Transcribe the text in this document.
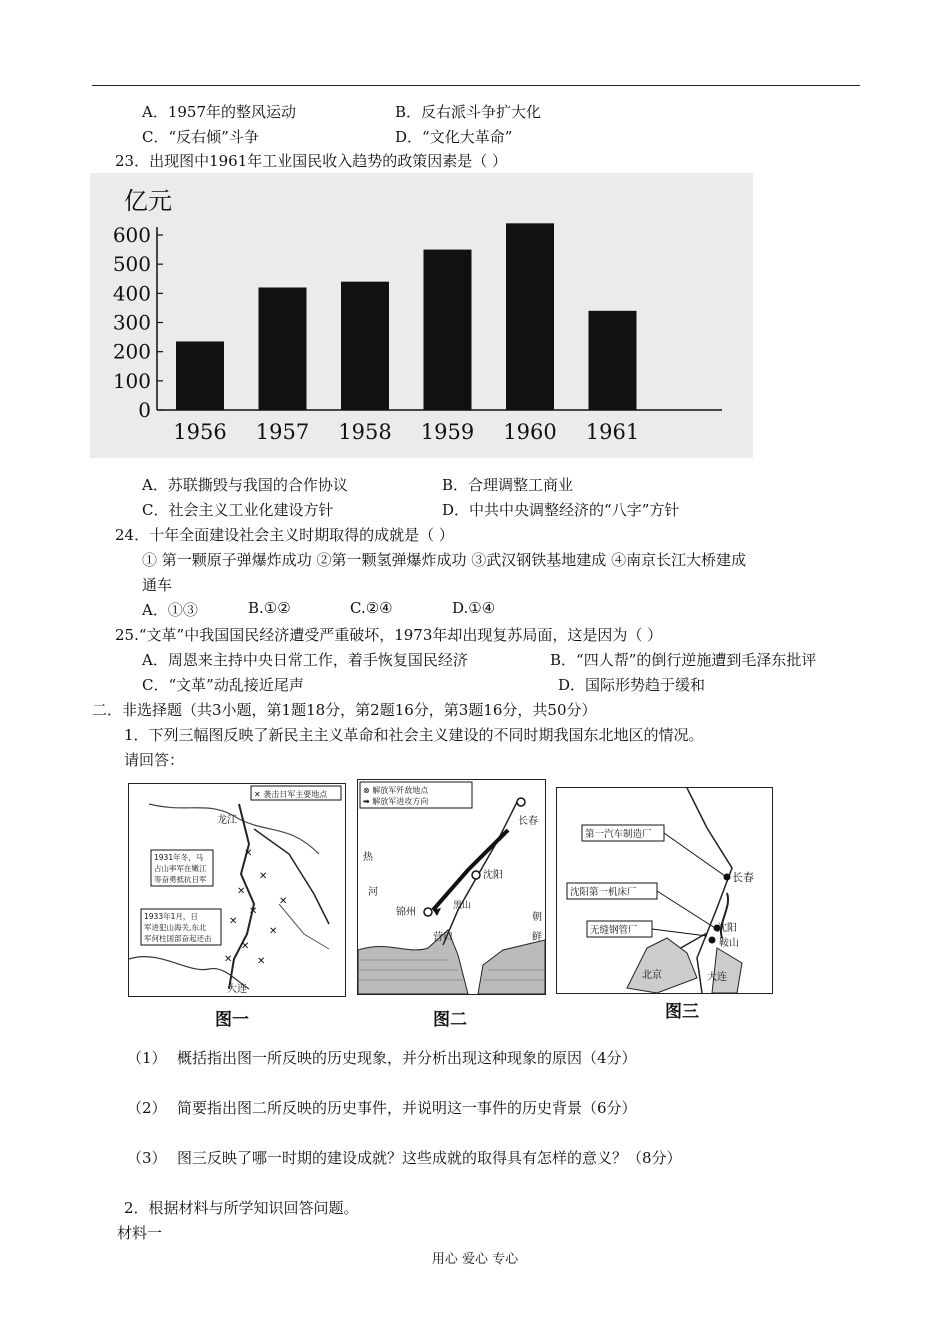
A．1957年的整风运动	B．反右派斗争扩大化
C．“反右倾”斗争	D．“文化大革命”
23．出现图中1961年工业国民收入趋势的政策因素是（ ）
亿元
0
100
200
300
400
500
600
1956 1957 1958 1959 1960 1961
A．苏联撕毁与我国的合作协议	B．合理调整工商业
C．社会主义工业化建设方针	D．中共中央调整经济的“八字”方针
24．十年全面建设社会主义时期取得的成就是（ ）
① 第一颗原子弹爆炸成功 ②第一颗氢弹爆炸成功 ③武汉钢铁基地建成 ④南京长江大桥建成
通车
A．①③	B.①②	C.②④	D.①④
25.“文革”中我国国民经济遭受严重破坏，1973年却出现复苏局面，这是因为（ ）
A．周恩来主持中央日常工作，着手恢复国民经济	B．“四人帮”的倒行逆施遭到毛泽东批评
C．“文革”动乱接近尾声	D．国际形势趋于缓和
二．非选择题（共3小题，第1题18分，第2题16分，第3题16分，共50分）
1．下列三幅图反映了新民主主义革命和社会主义建设的不同时期我国东北地区的情况。
请回答：
✕ 袭击日军主要地点
龙江
大连
1931年冬，马
占山率军在嫩江
等奋勇抵抗日军
1933年1月，日
军进犯山海关,东北
军何柱国部奋起还击
✕
✕
✕
✕
✕
✕
✕
✕ ✕
✕
图一
⊗ 解放军歼敌地点
➡ 解放军进攻方向
长春
沈阳
锦州
黑山
营口
热
河
朝
鲜
图二
第一汽车制造厂
沈阳第一机床厂
无缝钢管厂
长春
沈阳
鞍山
北京	大连
图三
（1） 概括指出图一所反映的历史现象，并分析出现这种现象的原因（4分）
（2） 简要指出图二所反映的历史事件，并说明这一事件的历史背景（6分）
（3） 图三反映了哪一时期的建设成就？这些成就的取得具有怎样的意义？（8分）
2．根据材料与所学知识回答问题。
材料一
用心 爱心 专心
